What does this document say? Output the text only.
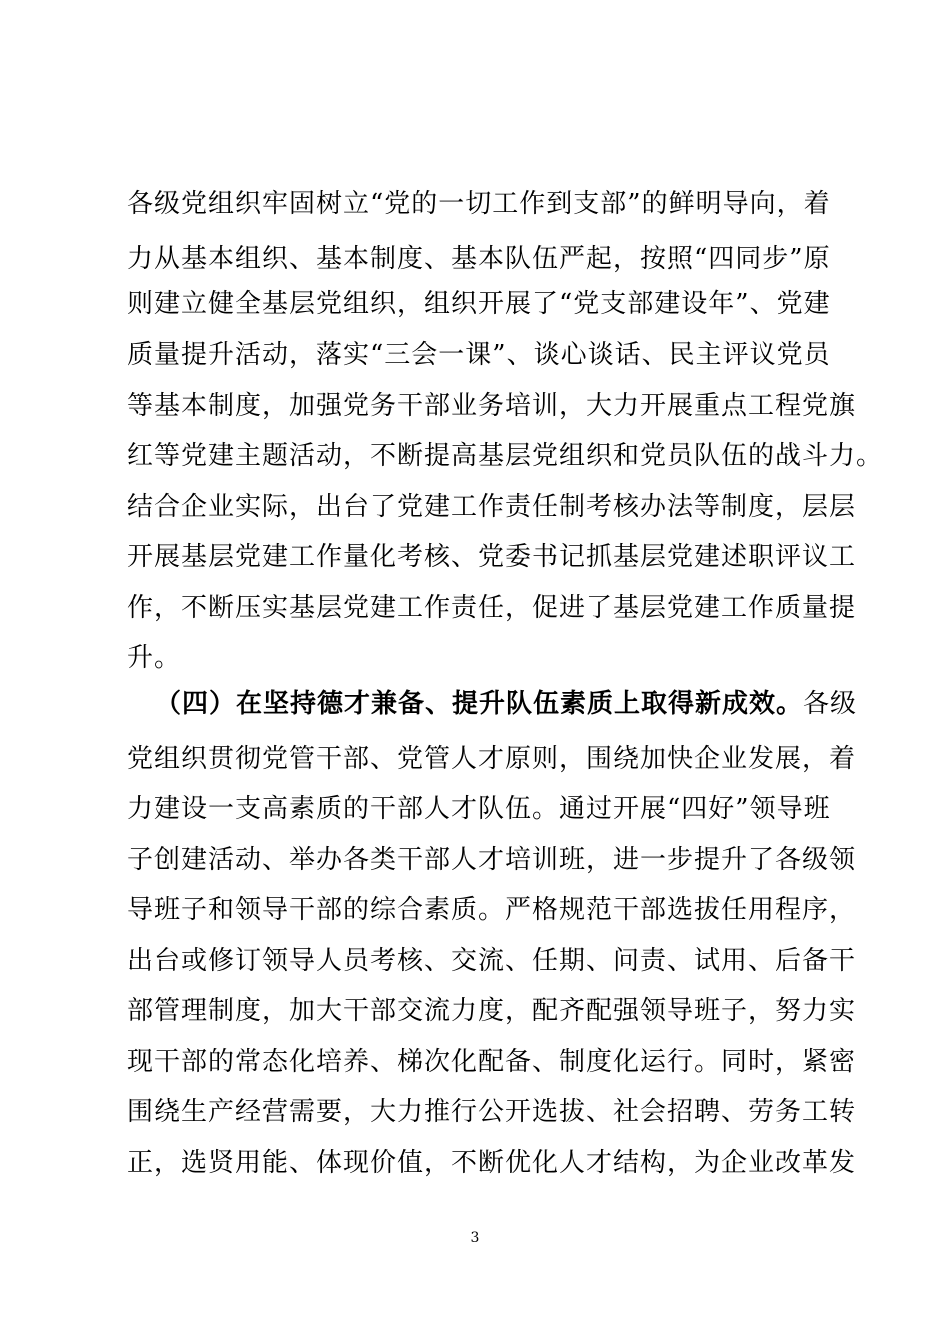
各级党组织牢固树立“党的一切工作到支部”的鲜明导向，着
力从基本组织、基本制度、基本队伍严起，按照“四同步”原
则建立健全基层党组织，组织开展了“党支部建设年”、党建
质量提升活动，落实“三会一课”、谈心谈话、民主评议党员
等基本制度，加强党务干部业务培训，大力开展重点工程党旗
红等党建主题活动，不断提高基层党组织和党员队伍的战斗力。
结合企业实际，出台了党建工作责任制考核办法等制度，层层
开展基层党建工作量化考核、党委书记抓基层党建述职评议工
作，不断压实基层党建工作责任，促进了基层党建工作质量提
升。
（四）在坚持德才兼备、提升队伍素质上取得新成效。各级
党组织贯彻党管干部、党管人才原则，围绕加快企业发展，着
力建设一支高素质的干部人才队伍。通过开展“四好”领导班
子创建活动、举办各类干部人才培训班，进一步提升了各级领
导班子和领导干部的综合素质。严格规范干部选拔任用程序，
出台或修订领导人员考核、交流、任期、问责、试用、后备干
部管理制度，加大干部交流力度，配齐配强领导班子，努力实
现干部的常态化培养、梯次化配备、制度化运行。同时，紧密
围绕生产经营需要，大力推行公开选拔、社会招聘、劳务工转
正，选贤用能、体现价值，不断优化人才结构，为企业改革发
3
